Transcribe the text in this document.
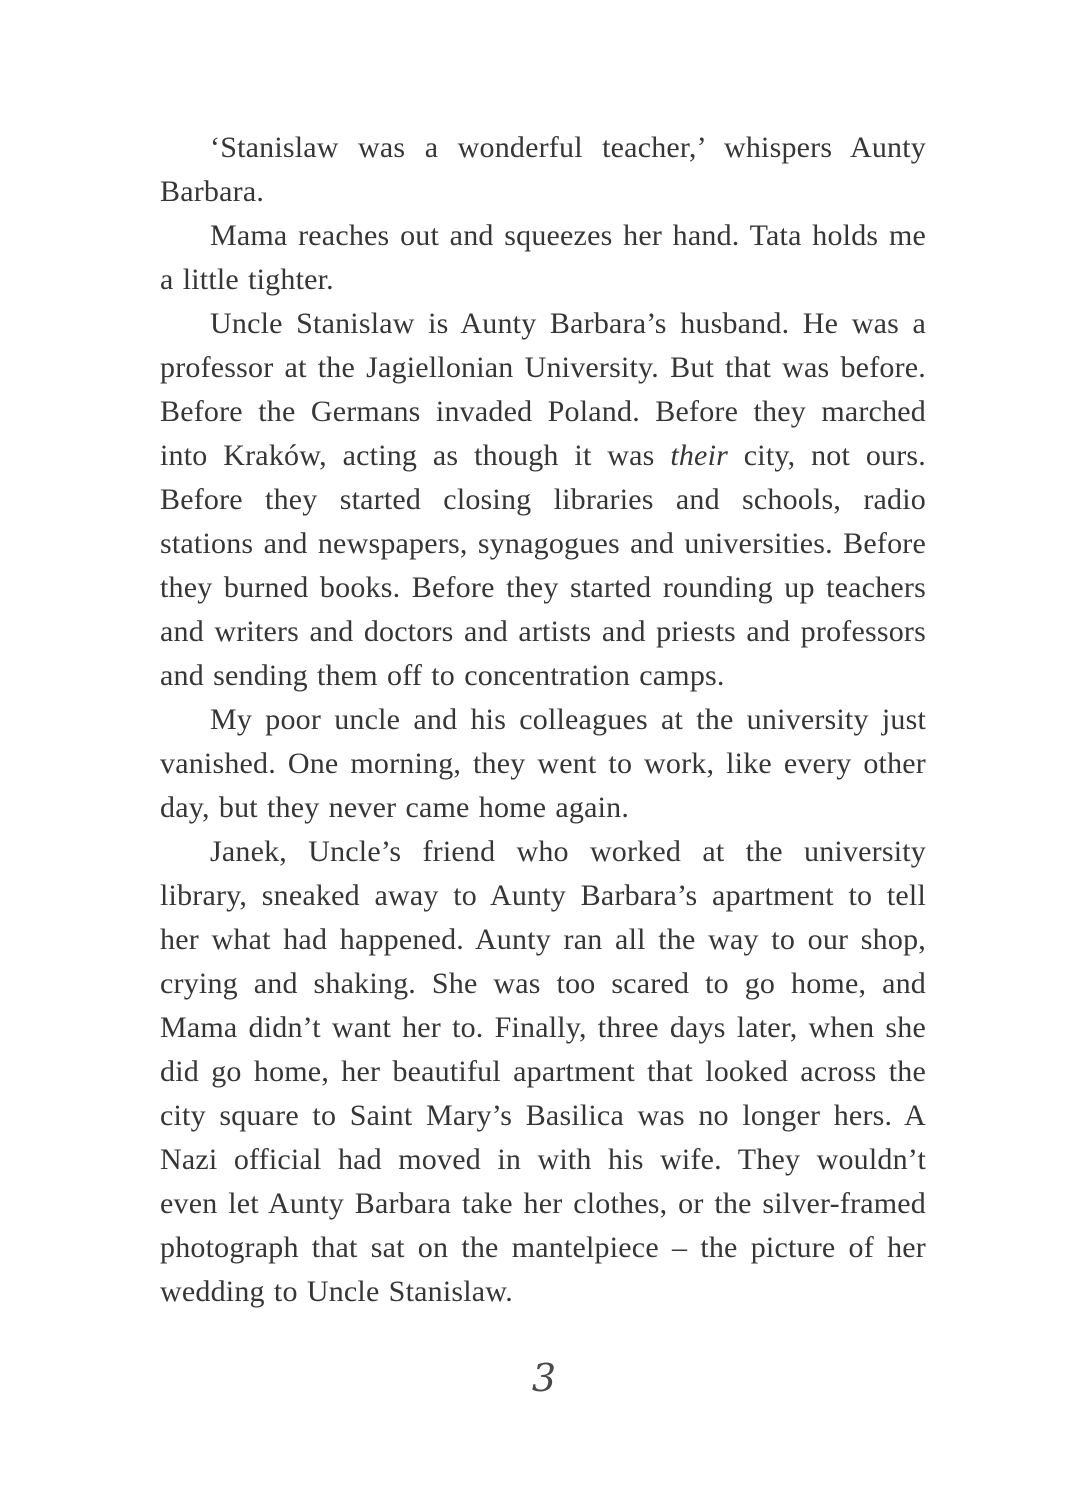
‘Stanislaw was a wonderful teacher,’ whispers Aunty Barbara.

Mama reaches out and squeezes her hand. Tata holds me a little tighter.

Uncle Stanislaw is Aunty Barbara’s husband. He was a professor at the Jagiellonian University. But that was before. Before the Germans invaded Poland. Before they marched into Kraków, acting as though it was their city, not ours. Before they started closing libraries and schools, radio stations and newspapers, synagogues and universities. Before they burned books. Before they started rounding up teachers and writers and doctors and artists and priests and professors and sending them off to concentration camps.

My poor uncle and his colleagues at the university just vanished. One morning, they went to work, like every other day, but they never came home again.

Janek, Uncle’s friend who worked at the university library, sneaked away to Aunty Barbara’s apartment to tell her what had happened. Aunty ran all the way to our shop, crying and shaking. She was too scared to go home, and Mama didn’t want her to. Finally, three days later, when she did go home, her beautiful apartment that looked across the city square to Saint Mary’s Basilica was no longer hers. A Nazi official had moved in with his wife. They wouldn’t even let Aunty Barbara take her clothes, or the silver-framed photograph that sat on the mantelpiece – the picture of her wedding to Uncle Stanislaw.

3
